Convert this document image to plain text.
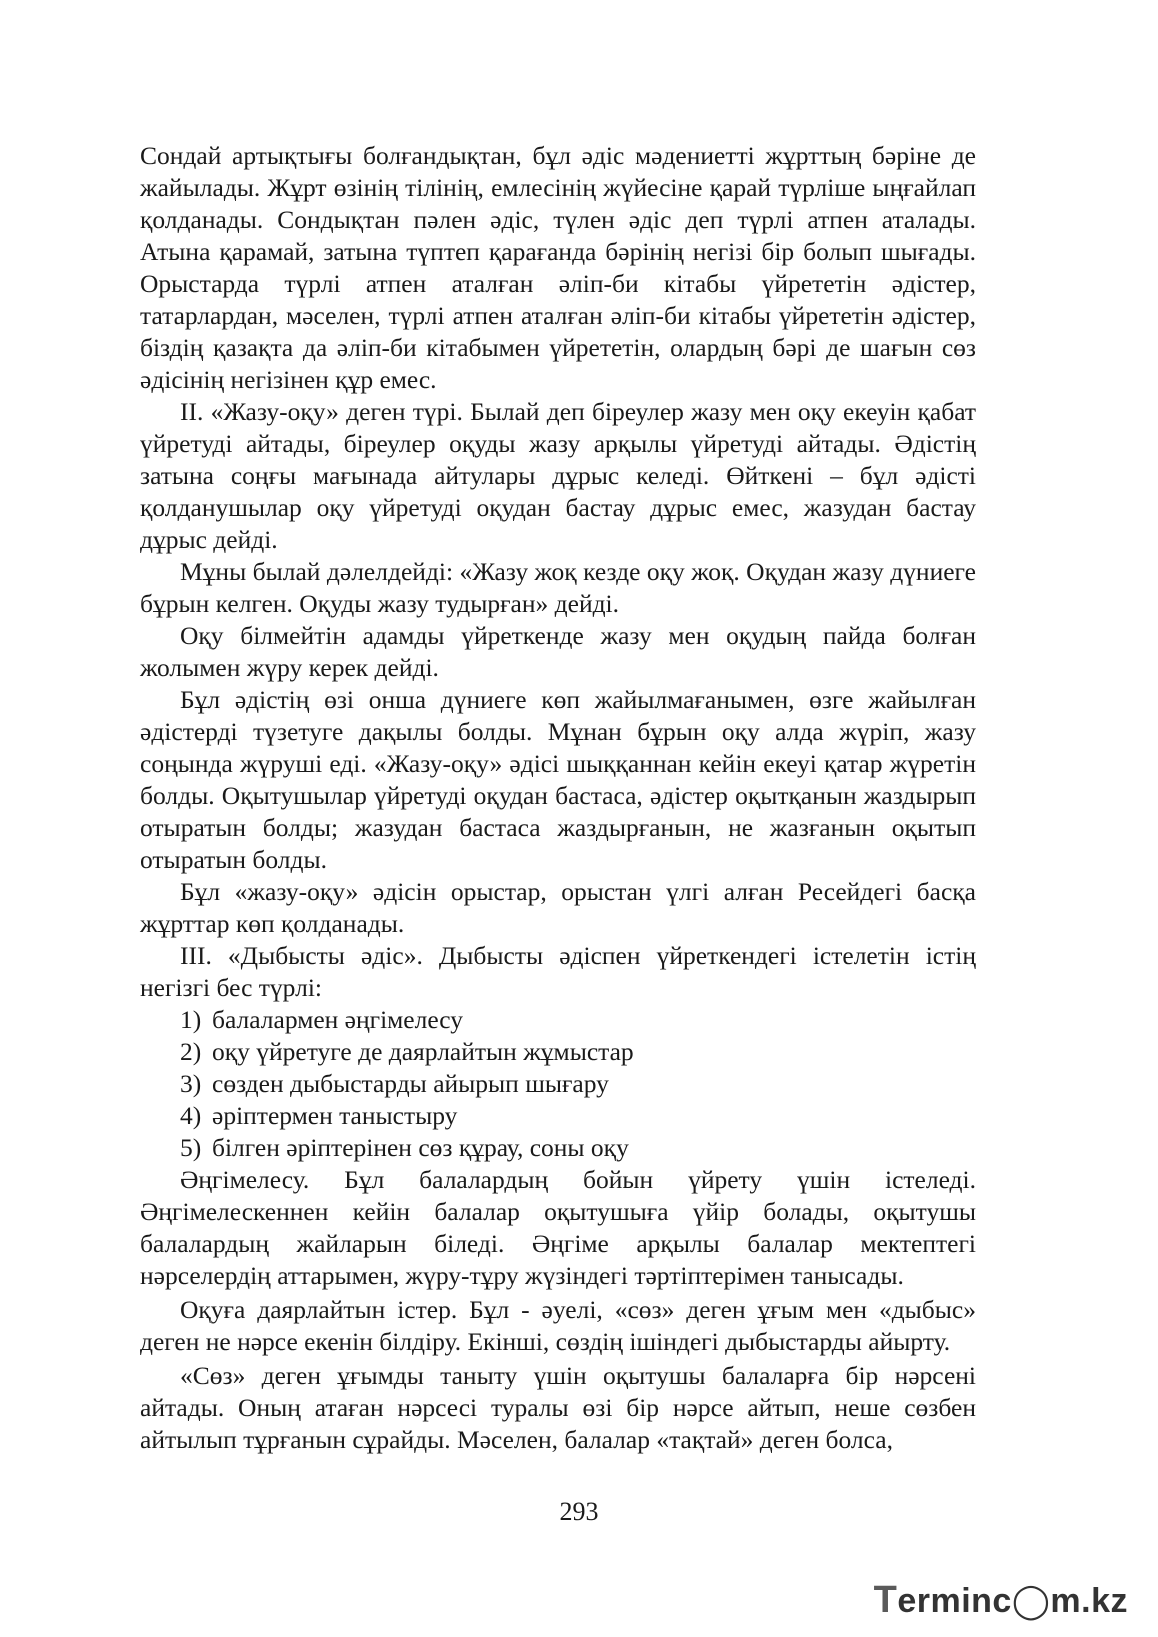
Сондай артықтығы болғандықтан, бұл әдіс мәдениетті жұрттың бәріне де жайылады. Жұрт өзінің тілінің, емлесінің жүйесіне қарай түрліше ыңғайлап қолданады. Сондықтан пәлен әдіс, түлен әдіс деп түрлі атпен аталады. Атына қарамай, затына түптеп қарағанда бәрінің негізі бір болып шығады. Орыстарда түрлі атпен аталған әліп-би кітабы үйрететін әдістер, татарлардан, мәселен, түрлі атпен аталған әліп-би кітабы үйрететін әдістер, біздің қазақта да әліп-би кітабымен үйрететін, олардың бәрі де шағын сөз әдісінің негізінен құр емес.

ІІ. «Жазу-оқу» деген түрі. Былай деп біреулер жазу мен оқу екеуін қабат үйретуді айтады, біреулер оқуды жазу арқылы үйретуді айтады. Әдістің затына соңғы мағынада айтулары дұрыс келеді. Өйткені – бұл әдісті қолданушылар оқу үйретуді оқудан бастау дұрыс емес, жазудан бастау дұрыс дейді.

Мұны былай дәлелдейді: «Жазу жоқ кезде оқу жоқ. Оқудан жазу дүниеге бұрын келген. Оқуды жазу тудырған» дейді.

Оқу білмейтін адамды үйреткенде жазу мен оқудың пайда болған жолымен жүру керек дейді.

Бұл әдістің өзі онша дүниеге көп жайылмағанымен, өзге жайылған әдістерді түзетуге дақылы болды. Мұнан бұрын оқу алда жүріп, жазу соңында жүруші еді. «Жазу-оқу» әдісі шыққаннан кейін екеуі қатар жүретін болды. Оқытушылар үйретуді оқудан бастаса, әдістер оқытқанын жаздырып отыратын болды; жазудан бастаса жаздырғанын, не жазғанын оқытып отыратын болды.

Бұл «жазу-оқу» әдісін орыстар, орыстан үлгі алған Ресейдегі басқа жұрттар көп қолданады.

ІІІ. «Дыбысты әдіс». Дыбысты әдіспен үйреткендегі істелетін істің негізгі бес түрлі:

1) балалармен әңгімелесу
2) оқу үйретуге де даярлайтын жұмыстар
3) сөзден дыбыстарды айырып шығару
4) әріптермен таныстыру
5) білген әріптерінен сөз құрау, соны оқу

Әңгімелесу. Бұл балалардың бойын үйрету үшін істеледі. Әңгімелескеннен кейін балалар оқытушыға үйір болады, оқытушы балалардың жайларын біледі. Әңгіме арқылы балалар мектептегі нәрселердің аттарымен, жүру-тұру жүзіндегі тәртіптерімен танысады.

Оқуға даярлайтын істер. Бұл - әуелі, «сөз» деген ұғым мен «дыбыс» деген не нәрсе екенін білдіру. Екінші, сөздің ішіндегі дыбыстарды айырту.

«Сөз» деген ұғымды таныту үшін оқытушы балаларға бір нәрсені айтады. Оның атаған нәрсесі туралы өзі бір нәрсе айтып, неше сөзбен айтылып тұрғанын сұрайды. Мәселен, балалар «тақтай» деген болса,

293
Terminc◯m.kz
